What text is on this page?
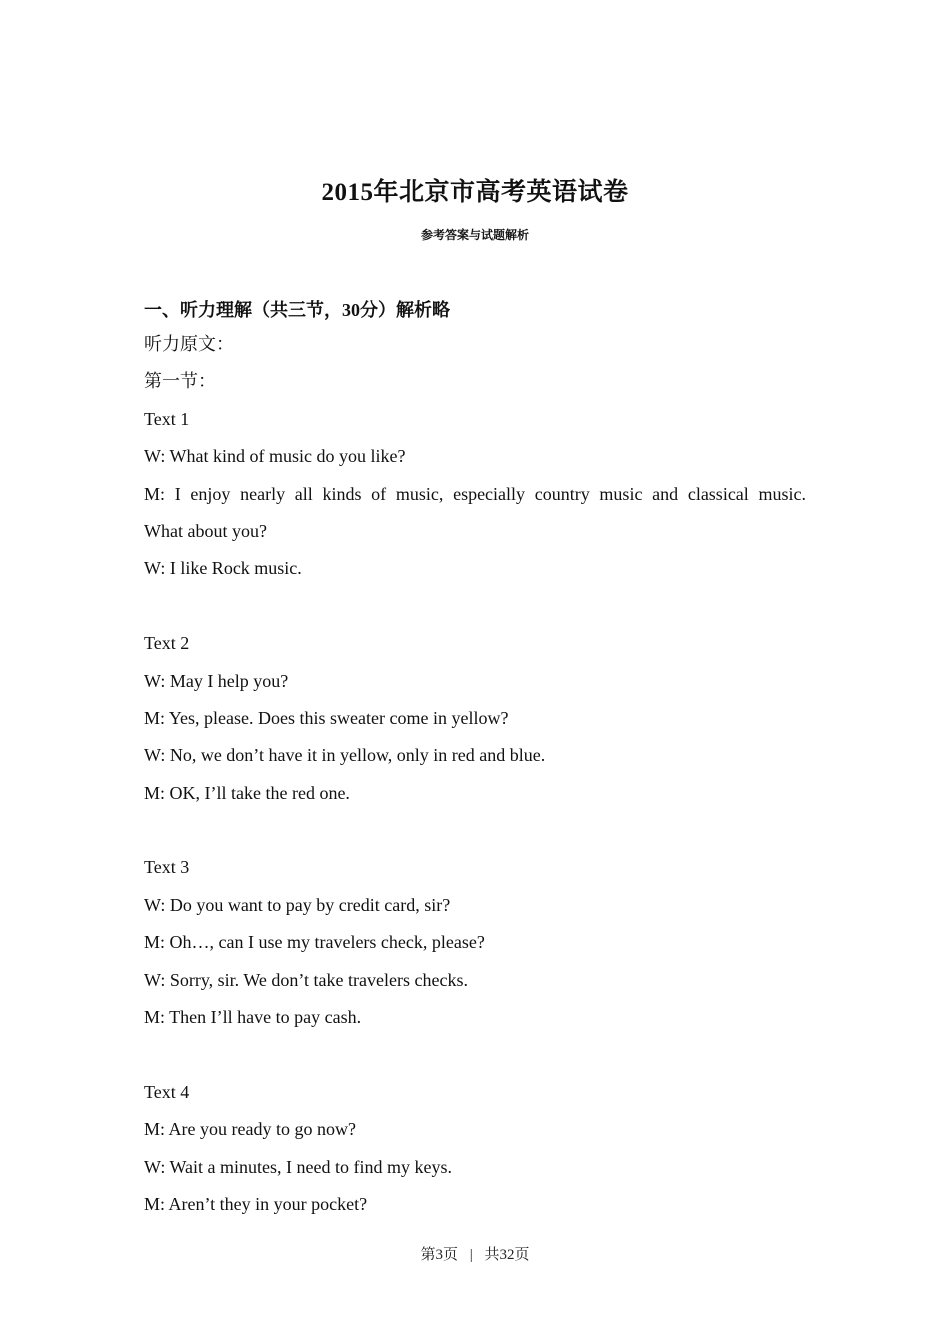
2015年北京市高考英语试卷
参考答案与试题解析
一、听力理解（共三节，30分）解析略
听力原文：
第一节：
Text 1
W: What kind of music do you like?
M: I enjoy nearly all kinds of music, especially country music and classical music.
What about you?
W: I like Rock music.
Text 2
W: May I help you?
M: Yes, please. Does this sweater come in yellow?
W: No, we don’t have it in yellow, only in red and blue.
M: OK, I’ll take the red one.
Text 3
W: Do you want to pay by credit card, sir?
M: Oh…, can I use my travelers check, please?
W: Sorry, sir. We don’t take travelers checks.
M: Then I’ll have to pay cash.
Text 4
M: Are you ready to go now?
W: Wait a minutes, I need to find my keys.
M: Aren’t they in your pocket?
第3页 | 共32页
